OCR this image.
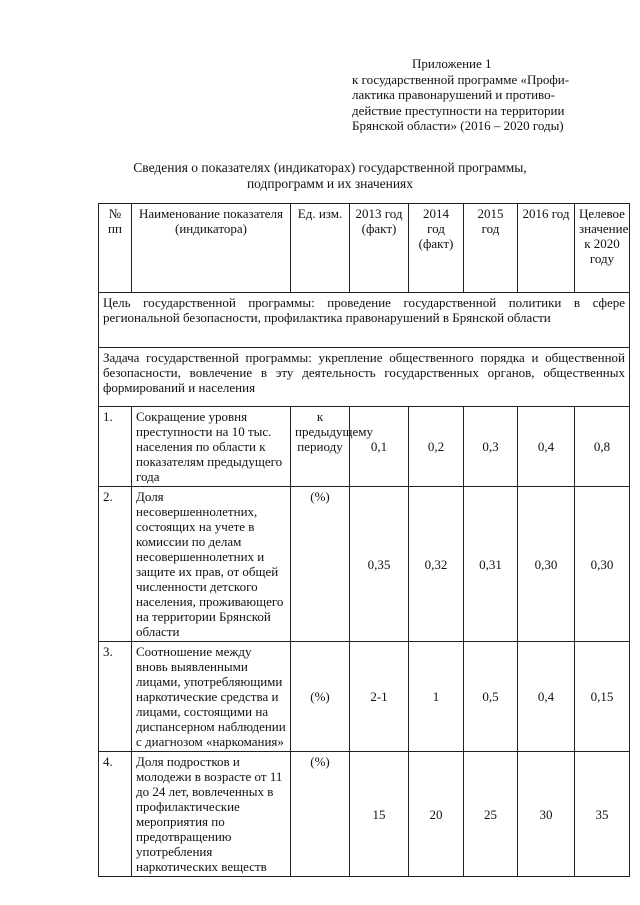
Приложение 1
к государственной программе «Профи-
лактика правонарушений и противо-
действие преступности на территории
Брянской области» (2016 – 2020 годы)
Сведения о показателях (индикаторах) государственной программы,
подпрограмм и их значениях
№ пп	Наименование показателя (индикатора)	Ед. изм.	2013 год (факт)	2014 год (факт)	2015 год	2016 год	Целевое значение к 2020 году
Цель государственной программы: проведение государственной политики в сфере региональной безопасности, профилактика правонарушений в Брянской области							
Задача государственной программы: укрепление общественного порядка и общественной безопасности, вовлечение в эту деятельность государственных органов, общественных формирований и населения							
1.	Сокращение уровня преступности на 10 тыс. населения по области к показателям предыдущего года	к предыдущему периоду	0,1	0,2	0,3	0,4	0,8
2.	Доля несовершеннолетних, состоящих на учете в комиссии по делам несовершеннолетних и защите их прав, от общей численности детского населения, проживающего на территории Брянской области	(%)	0,35	0,32	0,31	0,30	0,30
3.	Соотношение между вновь выявленными лицами, употребляющими наркотические средства и лицами, состоящими на диспансерном наблюдении с диагнозом «наркомания»	(%)	2-1	1	0,5	0,4	0,15
4.	Доля подростков и молодежи в возрасте от 11 до 24 лет, вовлеченных в профилактические мероприятия по предотвращению употребления наркотических веществ	(%)	15	20	25	30	35
